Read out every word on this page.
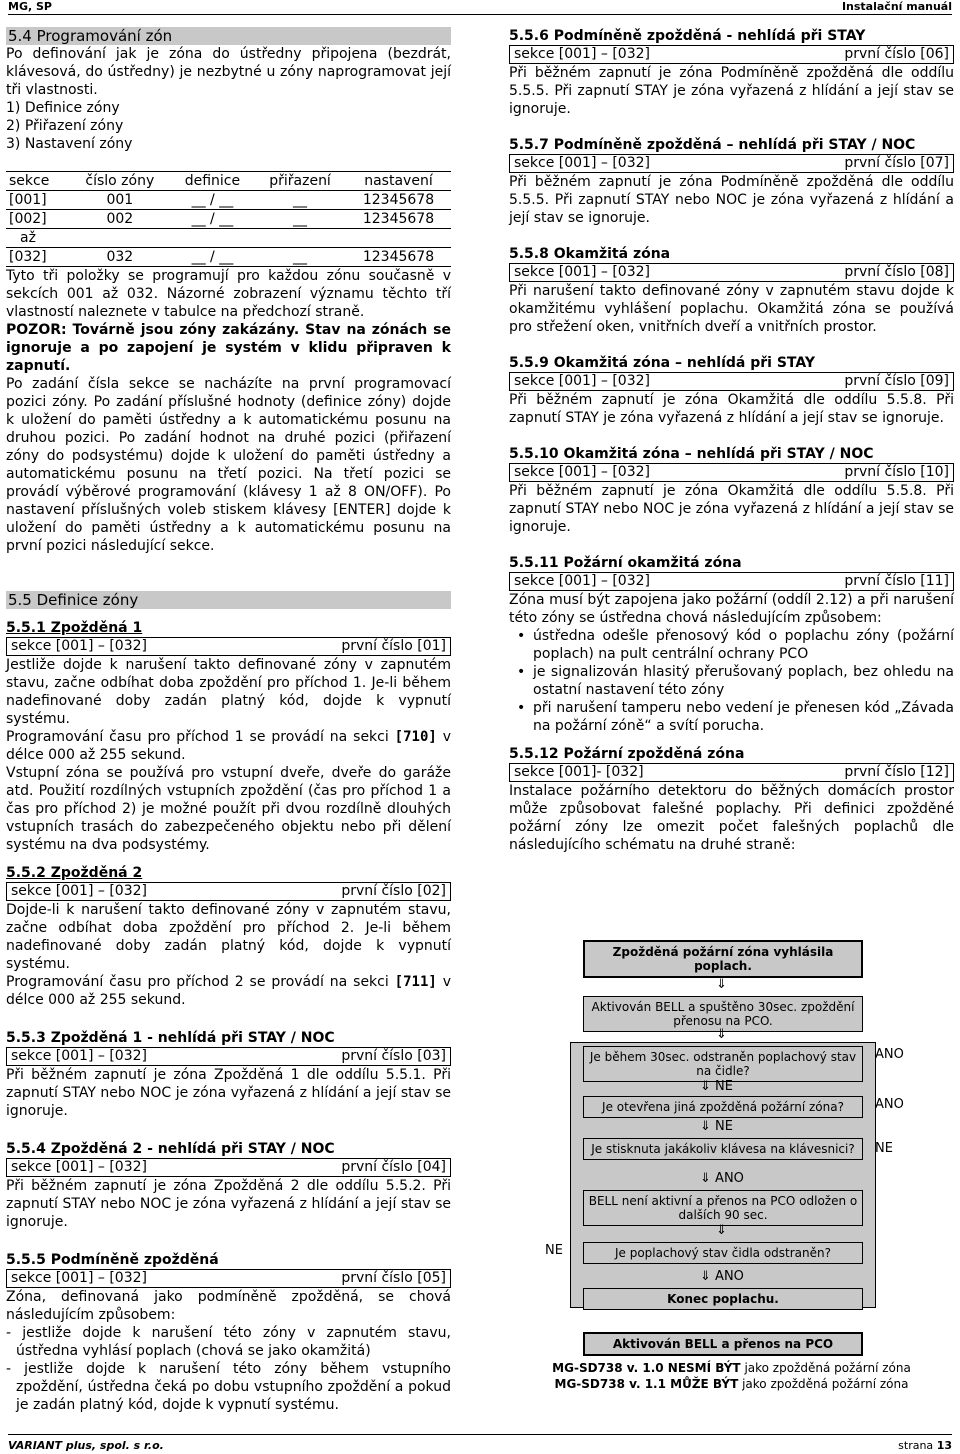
MG, SP	Instalační manuál
5.4 Programování zón
Po definování jak je zóna do ústředny připojena (bezdrát, klávesová, do ústředny) je nezbytné u zóny naprogramovat její tři vlastnosti.
1) Definice zóny
2) Přiřazení zóny
3) Nastavení zóny
sekce	číslo zóny	definice	přiřazení	nastavení
[001]	001	__ / __	__	12345678
[002]	002	__ / __	__	12345678
až				
[032]	032	__ / __	__	12345678
Tyto tři položky se programují pro každou zónu současně v sekcích 001 až 032. Názorné zobrazení významu těchto tří vlastností naleznete v tabulce na předchozí straně.
POZOR: Továrně jsou zóny zakázány. Stav na zónách se ignoruje a po zapojení je systém v klidu připraven k zapnutí.
Po zadání čísla sekce se nacházíte na první programovací pozici zóny. Po zadání příslušné hodnoty (definice zóny) dojde k uložení do paměti ústředny a k automatickému posunu na druhou pozici. Po zadání hodnot na druhé pozici (přiřazení zóny do podsystému) dojde k uložení do paměti ústředny a automatickému posunu na třetí pozici. Na třetí pozici se provádí výběrové programování (klávesy 1 až 8 ON/OFF). Po nastavení příslušných voleb stiskem klávesy [ENTER] dojde k uložení do paměti ústředny a k automatickému posunu na první pozici následující sekce.
5.5 Definice zóny
5.5.1 Zpožděná 1
sekce [001] – [032]	první číslo [01]
Jestliže dojde k narušení takto definované zóny v zapnutém stavu, začne odbíhat doba zpoždění pro příchod 1. Je-li během nadefinované doby zadán platný kód, dojde k vypnutí systému.
Programování času pro příchod 1 se provádí na sekci [710] v délce 000 až 255 sekund.
Vstupní zóna se používá pro vstupní dveře, dveře do garáže atd. Použití rozdílných vstupních zpoždění (čas pro příchod 1 a čas pro příchod 2) je možné použít při dvou rozdílně dlouhých vstupních trasách do zabezpečeného objektu nebo při dělení systému na dva podsystémy.
5.5.2 Zpožděná 2
sekce [001] – [032]	první číslo [02]
Dojde-li k narušení takto definované zóny v zapnutém stavu, začne odbíhat doba zpoždění pro příchod 2. Je-li během nadefinované doby zadán platný kód, dojde k vypnutí systému.
Programování času pro příchod 2 se provádí na sekci [711] v délce 000 až 255 sekund.
5.5.3 Zpožděná 1 - nehlídá při STAY / NOC
sekce [001] – [032]	první číslo [03]
Při běžném zapnutí je zóna Zpožděná 1 dle oddílu 5.5.1. Při zapnutí STAY nebo NOC je zóna vyřazená z hlídání a její stav se ignoruje.
5.5.4 Zpožděná 2 - nehlídá při STAY / NOC
sekce [001] – [032]	první číslo [04]
Při běžném zapnutí je zóna Zpožděná 2 dle oddílu 5.5.2. Při zapnutí STAY nebo NOC je zóna vyřazená z hlídání a její stav se ignoruje.
5.5.5 Podmíněně zpožděná
sekce [001] – [032]	první číslo [05]
Zóna, definovaná jako podmíněně zpožděná, se chová následujícím způsobem:
- jestliže dojde k narušení této zóny v zapnutém stavu, ústředna vyhlásí poplach (chová se jako okamžitá)
- jestliže dojde k narušení této zóny během vstupního zpoždění, ústředna čeká po dobu vstupního zpoždění a pokud je zadán platný kód, dojde k vypnutí systému.
5.5.6 Podmíněně zpožděná - nehlídá při STAY
sekce [001] – [032]	první číslo [06]
Při běžném zapnutí je zóna Podmíněně zpožděná dle oddílu 5.5.5. Při zapnutí STAY je zóna vyřazená z hlídání a její stav se ignoruje.
5.5.7 Podmíněně zpožděná – nehlídá při STAY / NOC
sekce [001] – [032]	první číslo [07]
Při běžném zapnutí je zóna Podmíněně zpožděná dle oddílu 5.5.5. Při zapnutí STAY nebo NOC je zóna vyřazená z hlídání a její stav se ignoruje.
5.5.8 Okamžitá zóna
sekce [001] – [032]	první číslo [08]
Při narušení takto definované zóny v zapnutém stavu dojde k okamžitému vyhlášení poplachu. Okamžitá zóna se používá pro střežení oken, vnitřních dveří a vnitřních prostor.
5.5.9 Okamžitá zóna – nehlídá při STAY
sekce [001] – [032]	první číslo [09]
Při běžném zapnutí je zóna Okamžitá dle oddílu 5.5.8. Při zapnutí STAY je zóna vyřazená z hlídání a její stav se ignoruje.
5.5.10 Okamžitá zóna – nehlídá při STAY / NOC
sekce [001] – [032]	první číslo [10]
Při běžném zapnutí je zóna Okamžitá dle oddílu 5.5.8. Při zapnutí STAY nebo NOC je zóna vyřazená z hlídání a její stav se ignoruje.
5.5.11 Požární okamžitá zóna
sekce [001] – [032]	první číslo [11]
Zóna musí být zapojena jako požární (oddíl 2.12) a při narušení této zóny se ústředna chová následujícím způsobem:
• ústředna odešle přenosový kód o poplachu zóny (požární poplach) na pult centrální ochrany PCO
• je signalizován hlasitý přerušovaný poplach, bez ohledu na ostatní nastavení této zóny
• při narušení tamperu nebo vedení je přenesen kód „Závada na požární zóně“ a svítí porucha.
5.5.12 Požární zpožděná zóna
sekce [001]- [032]	první číslo [12]
Instalace požárního detektoru do běžných domácích prostor může způsobovat falešné poplachy. Při definici zpožděné požární zóny lze omezit počet falešných poplachů dle následujícího schématu na druhé straně:
Zpožděná požární zóna vyhlásila poplach.
⇓
Aktivován BELL a spuštěno 30sec. zpoždění přenosu na PCO.
⇓
Je během 30sec. odstraněn poplachový stav na čidle?
ANO
⇓ NE
Je otevřena jiná zpožděná požární zóna?	ANO
⇓ NE
Je stisknuta jakákoliv klávesa na klávesnici?	NE
⇓ ANO
BELL není aktivní a přenos na PCO odložen o dalších 90 sec.
⇓
NE	Je poplachový stav čidla odstraněn?
⇓ ANO
Konec poplachu.
Aktivován BELL a přenos na PCO
MG-SD738 v. 1.0 NESMÍ BÝT jako zpožděná požární zóna
MG-SD738 v. 1.1 MŮŽE BÝT jako zpožděná požární zóna
VARIANT plus, spol. s r.o.	strana 13
